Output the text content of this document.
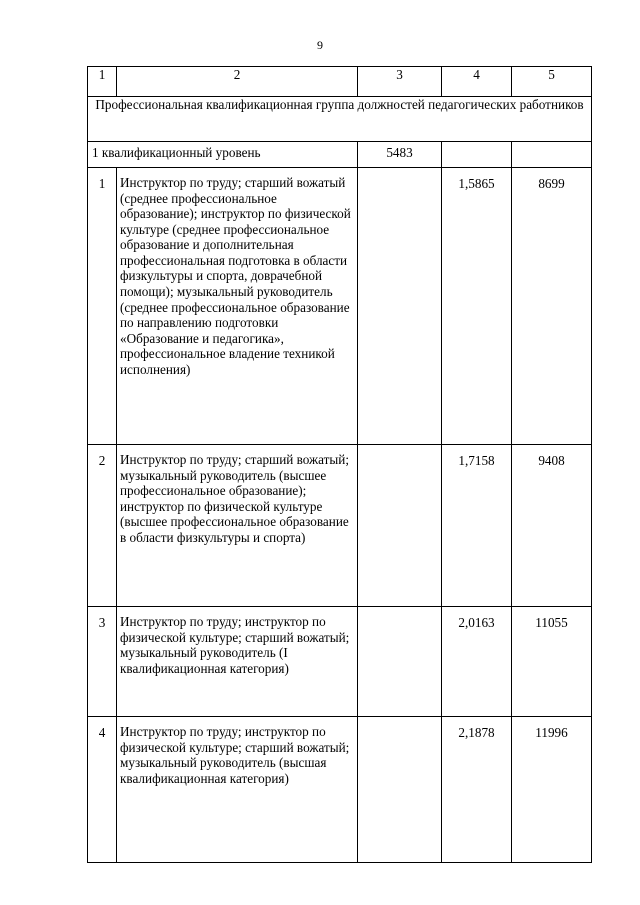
9
1	2	3	4	5
Профессиональная квалификационная группа должностей педагогических работников				
1 квалификационный уровень		5483		
1	Инструктор по труду; старший вожатый (среднее профессиональное образование); инструктор по физической культуре (среднее профессиональное образование и дополнительная профессиональная подготовка в области физкультуры и спорта, доврачебной помощи); музыкальный руководитель (среднее профессиональное образование по направлению подготовки «Образование и педагогика», профессиональное владение техникой исполнения)		1,5865	8699
2	Инструктор по труду; старший вожатый; музыкальный руководитель (высшее профессиональное образование); инструктор по физической культуре (высшее профессиональное образование в области физкультуры и спорта)		1,7158	9408
3	Инструктор по труду; инструктор по физической культуре; старший вожатый; музыкальный руководитель (I квалификационная категория)		2,0163	11055
4	Инструктор по труду; инструктор по физической культуре; старший вожатый; музыкальный руководитель (высшая квалификационная категория)		2,1878	11996
